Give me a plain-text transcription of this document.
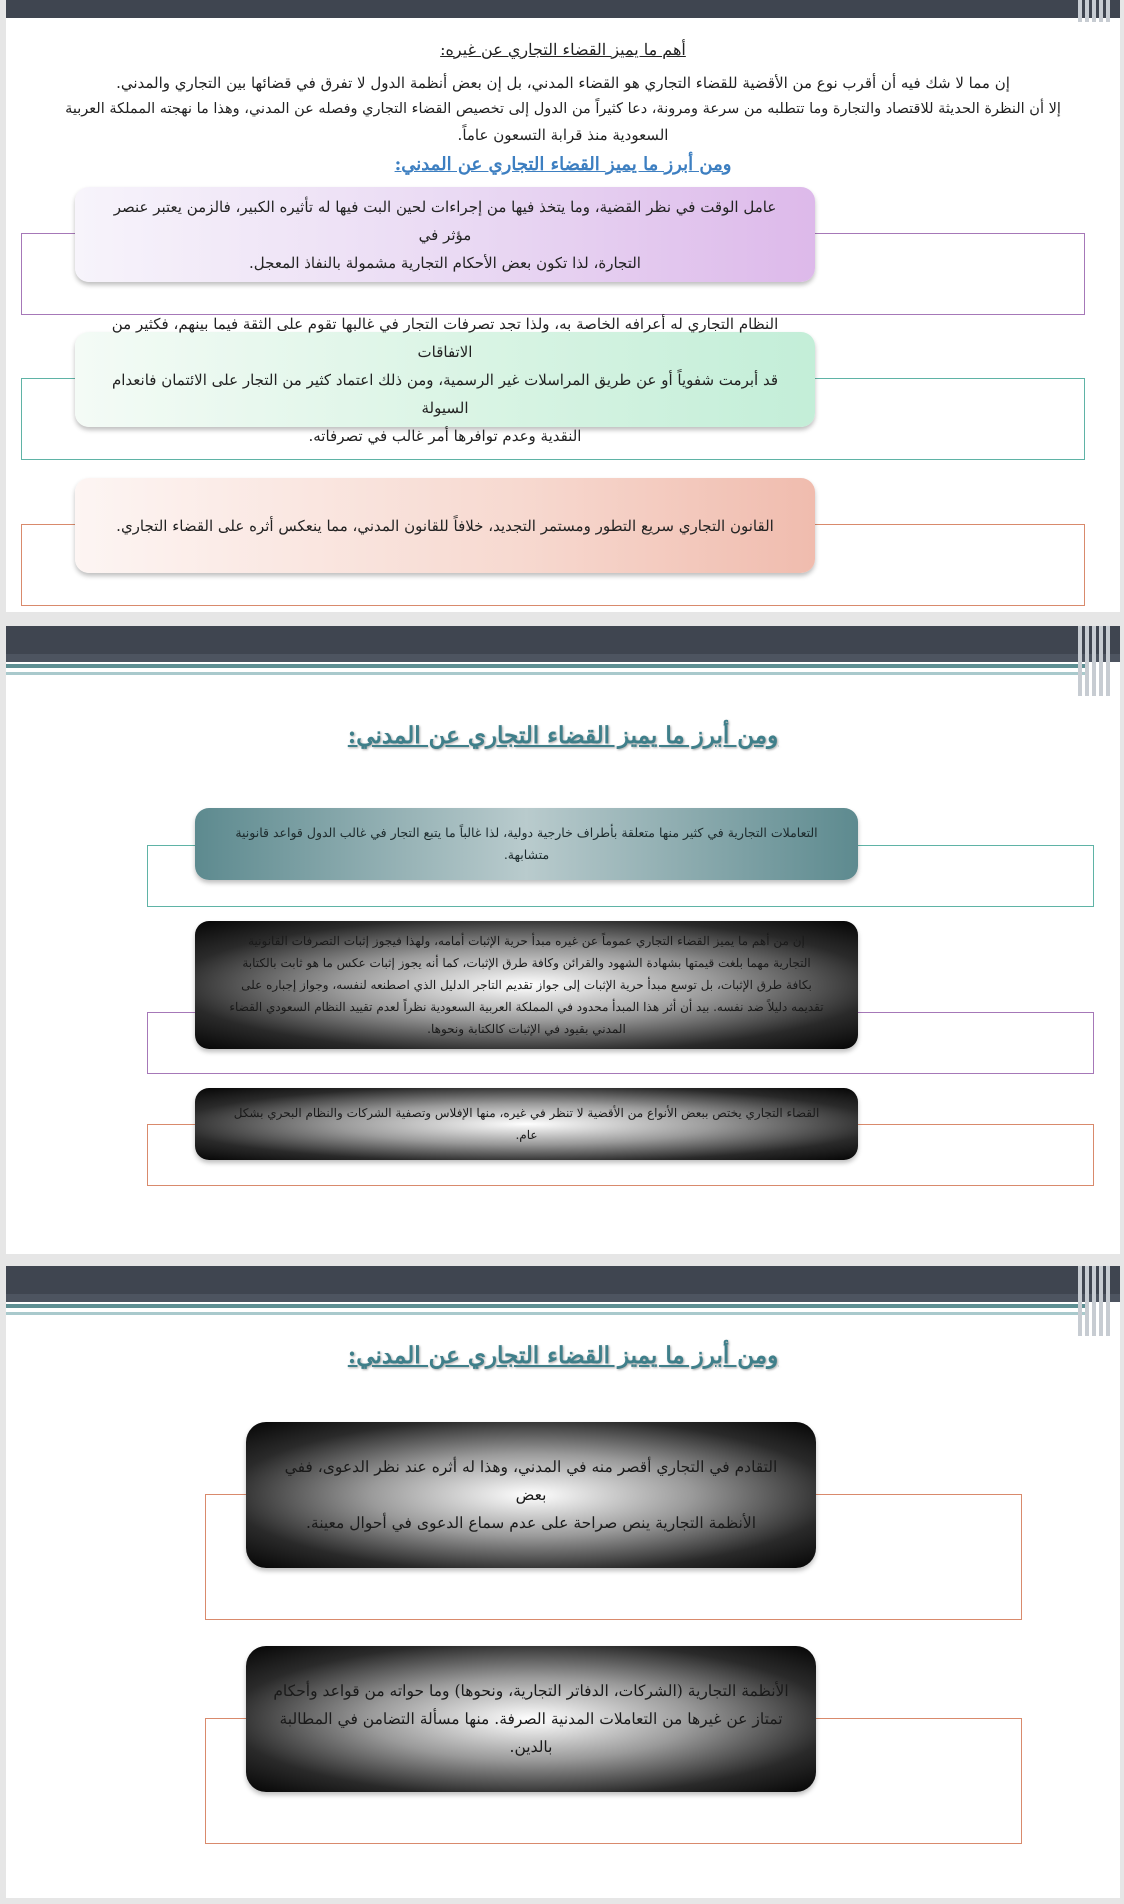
أهم ما يميز القضاء التجاري عن غيره:
إن مما لا شك فيه أن أقرب نوع من الأقضية للقضاء التجاري هو القضاء المدني، بل إن بعض أنظمة الدول لا تفرق في قضائها بين التجاري والمدني.
إلا أن النظرة الحديثة للاقتصاد والتجارة وما تتطلبه من سرعة ومرونة، دعا كثيراً من الدول إلى تخصيص القضاء التجاري وفصله عن المدني، وهذا ما نهجته المملكة العربية
السعودية منذ قرابة التسعون عاماً.
ومن أبرز ما يميز القضاء التجاري عن المدني:
عامل الوقت في نظر القضية، وما يتخذ فيها من إجراءات لحين البت فيها له تأثيره الكبير، فالزمن يعتبر عنصر مؤثر في
التجارة، لذا تكون بعض الأحكام التجارية مشمولة بالنفاذ المعجل.
النظام التجاري له أعرافه الخاصة به، ولذا تجد تصرفات التجار في غالبها تقوم على الثقة فيما بينهم، فكثير من الاتفاقات
قد أبرمت شفوياً أو عن طريق المراسلات غير الرسمية، ومن ذلك اعتماد كثير من التجار على الائتمان فانعدام السيولة
النقدية وعدم توافرها أمر غالب في تصرفاته.
القانون التجاري سريع التطور ومستمر التجديد، خلافاً للقانون المدني، مما ينعكس أثره على القضاء التجاري.
ومن أبرز ما يميز القضاء التجاري عن المدني:
التعاملات التجارية في كثير منها متعلقة بأطراف خارجية دولية، لذا غالباً ما يتبع التجار في غالب الدول قواعد قانونية
متشابهة.
إن من أهم ما يميز القضاء التجاري عموماً عن غيره مبدأ حرية الإثبات أمامه، ولهذا فيجوز إثبات التصرفات القانونية
التجارية مهما بلغت قيمتها بشهادة الشهود والقرائن وكافة طرق الإثبات، كما أنه يجوز إثبات عكس ما هو ثابت بالكتابة
بكافة طرق الإثبات، بل توسع مبدأ حرية الإثبات إلى جواز تقديم التاجر الدليل الذي اصطنعه لنفسه، وجواز إجباره على
تقديمه دليلاً ضد نفسه. بيد أن أثر هذا المبدأ محدود في المملكة العربية السعودية نظراً لعدم تقييد النظام السعودي القضاء
المدني بقيود في الإثبات كالكتابة ونحوها.
القضاء التجاري يختص ببعض الأنواع من الأقضية لا تنظر في غيره، منها الإفلاس وتصفية الشركات والنظام البحري بشكل
عام.
ومن أبرز ما يميز القضاء التجاري عن المدني:
التقادم في التجاري أقصر منه في المدني، وهذا له أثره عند نظر الدعوى، ففي بعض
الأنظمة التجارية ينص صراحة على عدم سماع الدعوى في أحوال معينة.
الأنظمة التجارية (الشركات، الدفاتر التجارية، ونحوها) وما حواته من قواعد وأحكام
تمتاز عن غيرها من التعاملات المدنية الصرفة. منها مسألة التضامن في المطالبة
بالدين.
